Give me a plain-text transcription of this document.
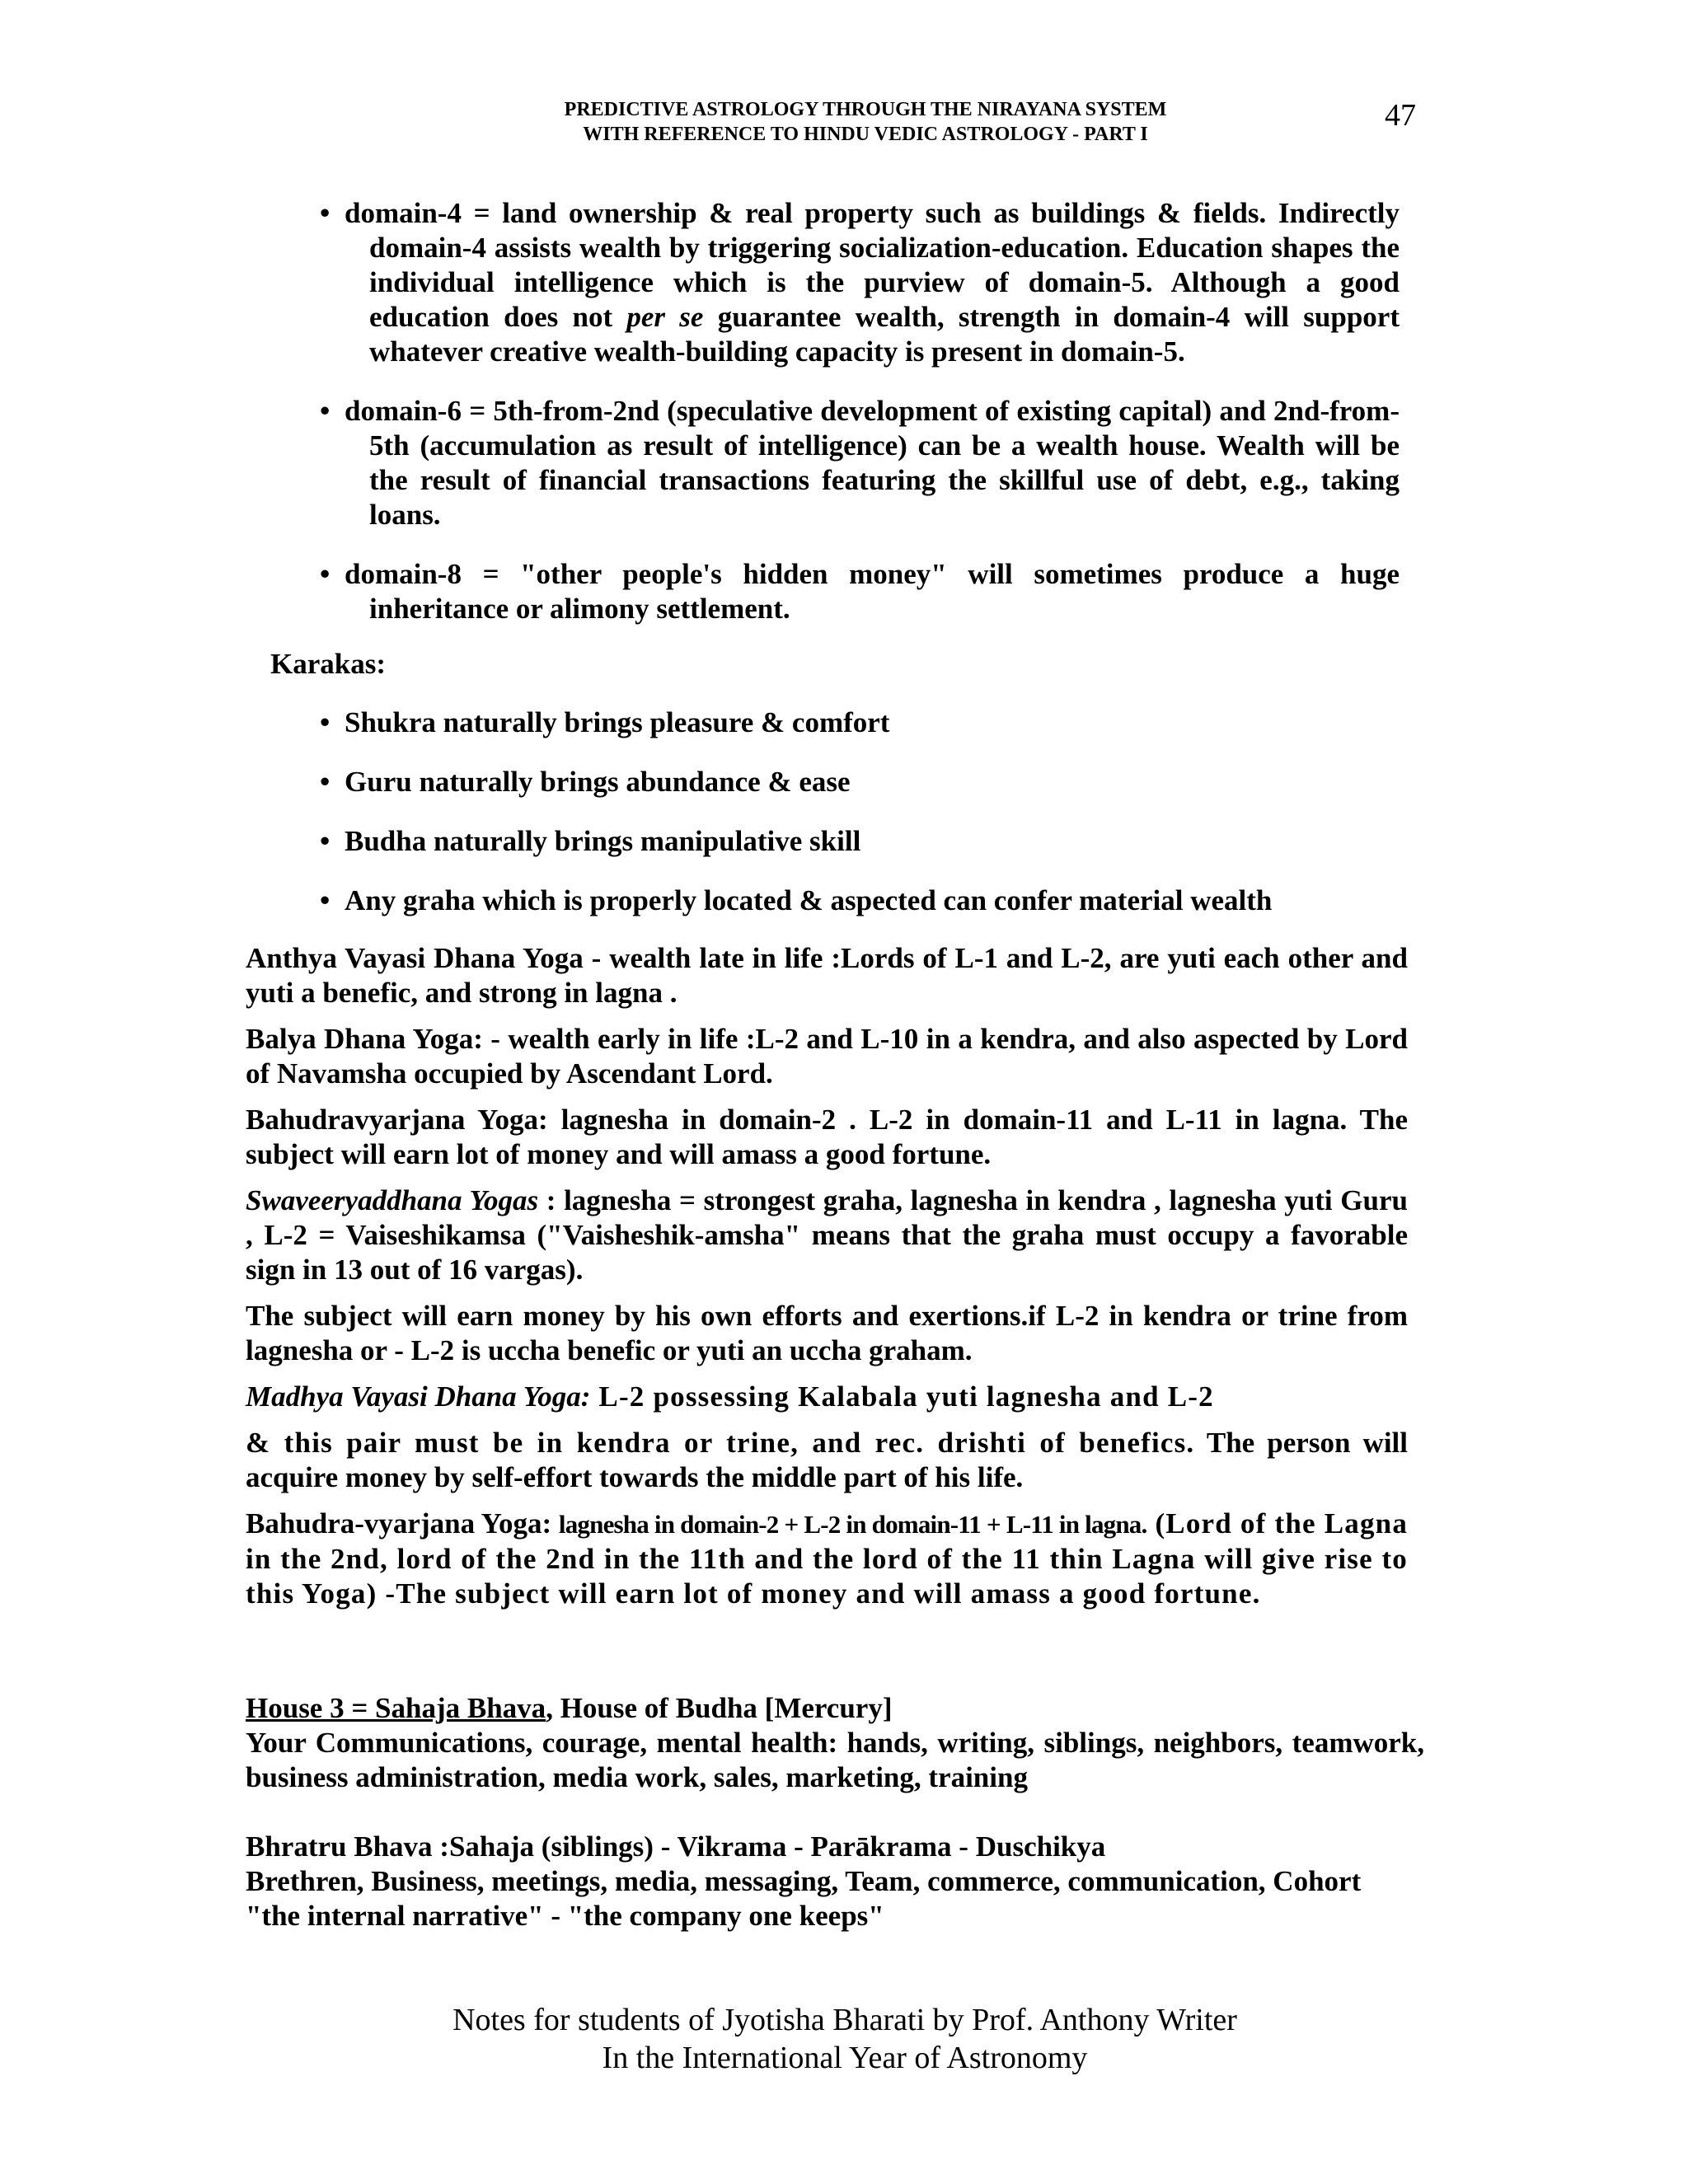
PREDICTIVE ASTROLOGY THROUGH THE NIRAYANA SYSTEM
WITH REFERENCE TO HINDU VEDIC ASTROLOGY - PART I
47
• domain-4 = land ownership & real property such as buildings & fields. Indirectly domain-4 assists wealth by triggering socialization-education. Education shapes the individual intelligence which is the purview of domain-5. Although a good education does not per se guarantee wealth, strength in domain-4 will support whatever creative wealth-building capacity is present in domain-5.
• domain-6 = 5th-from-2nd (speculative development of existing capital) and 2nd-from-5th (accumulation as result of intelligence) can be a wealth house. Wealth will be the result of financial transactions featuring the skillful use of debt, e.g., taking loans.
• domain-8 = "other people's hidden money" will sometimes produce a huge inheritance or alimony settlement.
Karakas:
• Shukra naturally brings pleasure & comfort
• Guru naturally brings abundance & ease
• Budha naturally brings manipulative skill
• Any graha which is properly located & aspected can confer material wealth

Anthya Vayasi Dhana Yoga - wealth late in life :Lords of L-1 and L-2, are yuti each other and yuti a benefic, and strong in lagna .

Balya Dhana Yoga: - wealth early in life :L-2 and L-10 in a kendra, and also aspected by Lord of Navamsha occupied by Ascendant Lord.

Bahudravyarjana Yoga: lagnesha in domain-2 . L-2 in domain-11 and L-11 in lagna. The subject will earn lot of money and will amass a good fortune.

Swaveeryaddhana Yogas : lagnesha = strongest graha, lagnesha in kendra , lagnesha yuti Guru , L-2 = Vaiseshikamsa ("Vaisheshik-amsha" means that the graha must occupy a favorable sign in 13 out of 16 vargas).

The subject will earn money by his own efforts and exertions.if L-2 in kendra or trine from lagnesha or - L-2 is uccha benefic or yuti an uccha graham.

Madhya Vayasi Dhana Yoga: L-2 possessing Kalabala yuti lagnesha and L-2

& this pair must be in kendra or trine, and rec. drishti of benefics. The person will acquire money by self-effort towards the middle part of his life.

Bahudra-vyarjana Yoga: lagnesha in domain-2 + L-2 in domain-11 + L-11 in lagna. (Lord of the Lagna in the 2nd, lord of the 2nd in the 11th and the lord of the 11 thin Lagna will give rise to this Yoga) -The subject will earn lot of money and will amass a good fortune.

House 3 = Sahaja Bhava, House of Budha [Mercury]
Your Communications, courage, mental health: hands, writing, siblings, neighbors, teamwork, business administration, media work, sales, marketing, training

Bhratru Bhava :Sahaja (siblings) - Vikrama - Parākrama - Duschikya
Brethren, Business, meetings, media, messaging, Team, commerce, communication, Cohort
"the internal narrative" - "the company one keeps"

Notes for students of Jyotisha Bharati by Prof. Anthony Writer
In the International Year of Astronomy
